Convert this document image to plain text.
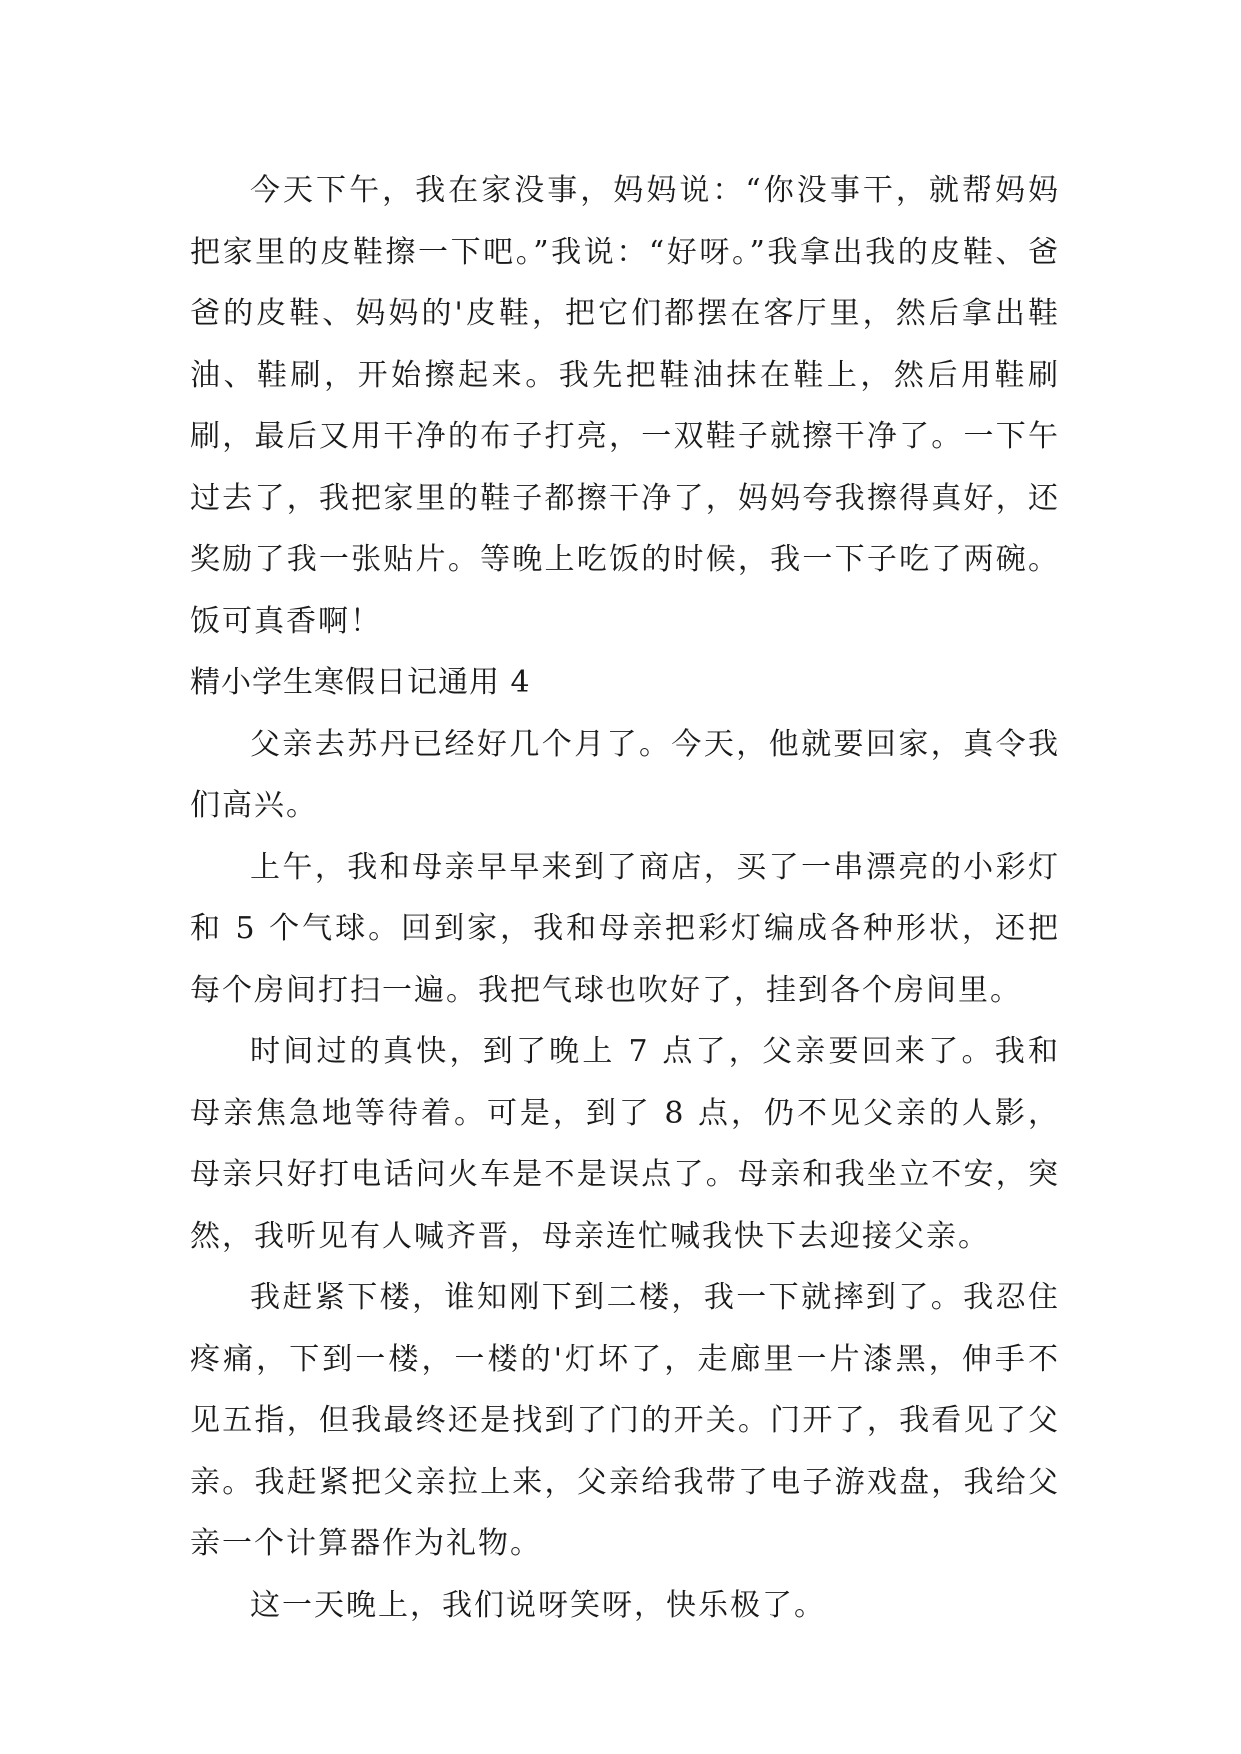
今天下午，我在家没事，妈妈说：“你没事干，就帮妈妈把家里的皮鞋擦一下吧。”我说：“好呀。”我拿出我的皮鞋、爸爸的皮鞋、妈妈的'皮鞋，把它们都摆在客厅里，然后拿出鞋油、鞋刷，开始擦起来。我先把鞋油抹在鞋上，然后用鞋刷刷，最后又用干净的布子打亮，一双鞋子就擦干净了。一下午过去了，我把家里的鞋子都擦干净了，妈妈夸我擦得真好，还奖励了我一张贴片。等晚上吃饭的时候，我一下子吃了两碗。饭可真香啊！

精小学生寒假日记通用 4

父亲去苏丹已经好几个月了。今天，他就要回家，真令我们高兴。

上午，我和母亲早早来到了商店，买了一串漂亮的小彩灯和 5 个气球。回到家，我和母亲把彩灯编成各种形状，还把每个房间打扫一遍。我把气球也吹好了，挂到各个房间里。

时间过的真快，到了晚上 7 点了，父亲要回来了。我和母亲焦急地等待着。可是，到了 8 点，仍不见父亲的人影，母亲只好打电话问火车是不是误点了。母亲和我坐立不安，突然，我听见有人喊齐晋，母亲连忙喊我快下去迎接父亲。

我赶紧下楼，谁知刚下到二楼，我一下就摔到了。我忍住疼痛，下到一楼，一楼的'灯坏了，走廊里一片漆黑，伸手不见五指，但我最终还是找到了门的开关。门开了，我看见了父亲。我赶紧把父亲拉上来，父亲给我带了电子游戏盘，我给父亲一个计算器作为礼物。

这一天晚上，我们说呀笑呀，快乐极了。
